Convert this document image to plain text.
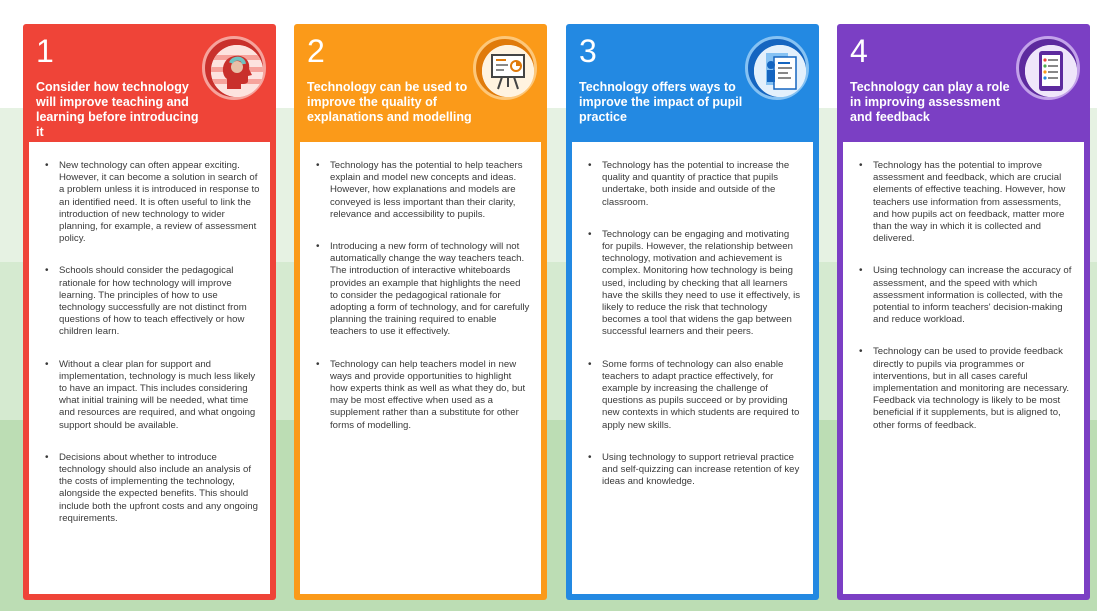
1
Consider how technology will improve teaching and learning before introducing it
• New technology can often appear exciting. However, it can become a solution in search of a problem unless it is introduced in response to an identified need. It is often useful to link the introduction of new technology to wider planning, for example, a review of assessment policy.
• Schools should consider the pedagogical rationale for how technology will improve learning. The principles of how to use technology successfully are not distinct from questions of how to teach effectively or how children learn.
• Without a clear plan for support and implementation, technology is much less likely to have an impact. This includes considering what initial training will be needed, what time and resources are required, and what ongoing support should be available.
• Decisions about whether to introduce technology should also include an analysis of the costs of implementing the technology, alongside the expected benefits. This should include both the upfront costs and any ongoing requirements.
2
Technology can be used to improve the quality of explanations and modelling
• Technology has the potential to help teachers explain and model new concepts and ideas. However, how explanations and models are conveyed is less important than their clarity, relevance and accessibility to pupils.
• Introducing a new form of technology will not automatically change the way teachers teach. The introduction of interactive whiteboards provides an example that highlights the need to consider the pedagogical rationale for adopting a form of technology, and for carefully planning the training required to enable teachers to use it effectively.
• Technology can help teachers model in new ways and provide opportunities to highlight how experts think as well as what they do, but may be most effective when used as a supplement rather than a substitute for other forms of modelling.
3
Technology offers ways to improve the impact of pupil practice
• Technology has the potential to increase the quality and quantity of practice that pupils undertake, both inside and outside of the classroom.
• Technology can be engaging and motivating for pupils. However, the relationship between technology, motivation and achievement is complex. Monitoring how technology is being used, including by checking that all learners have the skills they need to use it effectively, is likely to reduce the risk that technology becomes a tool that widens the gap between successful learners and their peers.
• Some forms of technology can also enable teachers to adapt practice effectively, for example by increasing the challenge of questions as pupils succeed or by providing new contexts in which students are required to apply new skills.
• Using technology to support retrieval practice and self-quizzing can increase retention of key ideas and knowledge.
4
Technology can play a role in improving assessment and feedback
• Technology has the potential to improve assessment and feedback, which are crucial elements of effective teaching. However, how teachers use information from assessments, and how pupils act on feedback, matter more than the way in which it is collected and delivered.
• Using technology can increase the accuracy of assessment, and the speed with which assessment information is collected, with the potential to inform teachers' decision-making and reduce workload.
• Technology can be used to provide feedback directly to pupils via programmes or interventions, but in all cases careful implementation and monitoring are necessary. Feedback via technology is likely to be most beneficial if it supplements, but is aligned to, other forms of feedback.
